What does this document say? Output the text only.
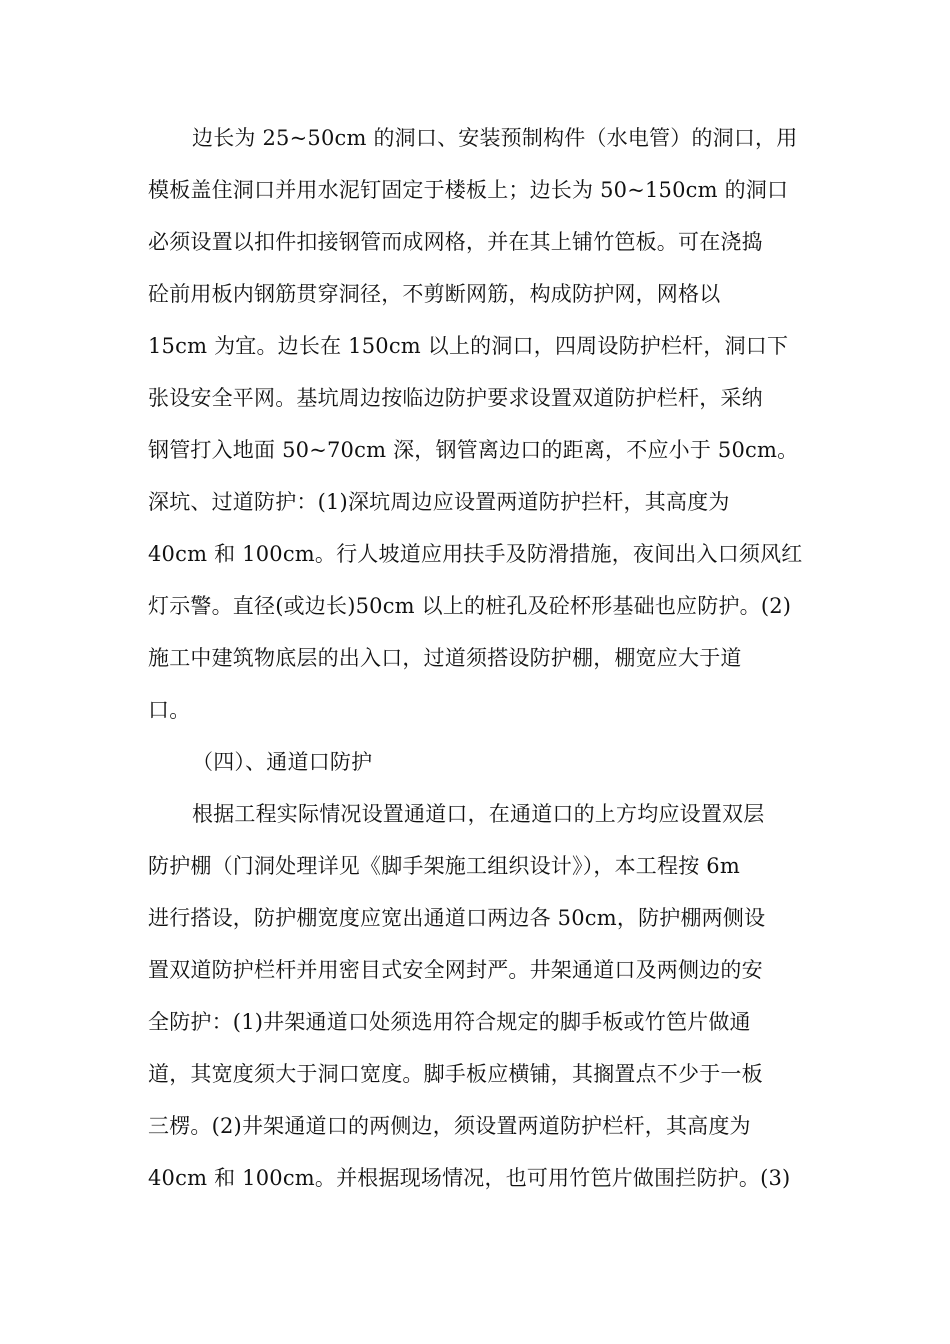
边长为 25~50cm 的洞口、安装预制构件（水电管）的洞口，用
模板盖住洞口并用水泥钉固定于楼板上；边长为 50~150cm 的洞口
必须设置以扣件扣接钢管而成网格，并在其上铺竹笆板。可在浇捣
砼前用板内钢筋贯穿洞径，不剪断网筋，构成防护网，网格以
15cm 为宜。边长在 150cm 以上的洞口，四周设防护栏杆，洞口下
张设安全平网。基坑周边按临边防护要求设置双道防护栏杆，采纳
钢管打入地面 50~70cm 深，钢管离边口的距离，不应小于 50cm。
深坑、过道防护：(1)深坑周边应设置两道防护拦杆，其高度为
40cm 和 100cm。行人坡道应用扶手及防滑措施，夜间出入口须风红
灯示警。直径(或边长)50cm 以上的桩孔及砼杯形基础也应防护。(2)
施工中建筑物底层的出入口，过道须搭设防护棚，棚宽应大于道
口。
（四）、通道口防护
根据工程实际情况设置通道口，在通道口的上方均应设置双层
防护棚（门洞处理详见《脚手架施工组织设计》），本工程按 6m
进行搭设，防护棚宽度应宽出通道口两边各 50cm，防护棚两侧设
置双道防护栏杆并用密目式安全网封严。井架通道口及两侧边的安
全防护：(1)井架通道口处须选用符合规定的脚手板或竹笆片做通
道，其宽度须大于洞口宽度。脚手板应横铺，其搁置点不少于一板
三楞。(2)井架通道口的两侧边，须设置两道防护栏杆，其高度为
40cm 和 100cm。并根据现场情况，也可用竹笆片做围拦防护。(3)
